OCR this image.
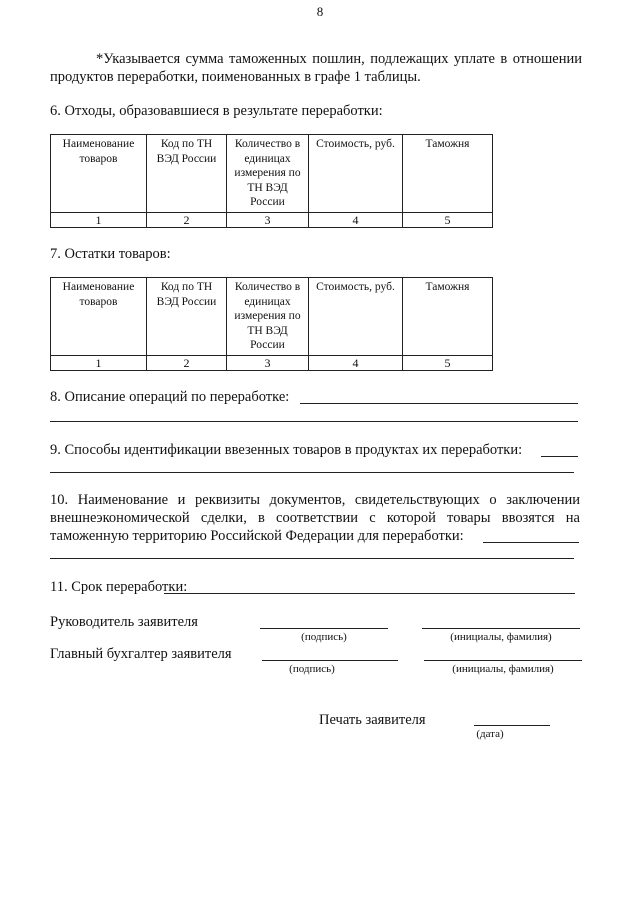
8
*Указывается сумма таможенных пошлин, подлежащих уплате в отношении продуктов переработки, поименованных в графе 1 таблицы.
6. Отходы, образовавшиеся в результате переработки:
Наименование товаров	Код по ТН ВЭД России	Количество в единицах измерения по ТН ВЭД России	Стоимость, руб.	Таможня
1	2	3	4	5
7. Остатки товаров:
Наименование товаров	Код по ТН ВЭД России	Количество в единицах измерения по ТН ВЭД России	Стоимость, руб.	Таможня
1	2	3	4	5
8. Описание операций по переработке:
9. Способы идентификации ввезенных товаров в продуктах их переработки:
10. Наименование и реквизиты документов, свидетельствующих о заключении внешнеэкономической сделки, в соответствии с которой товары ввозятся на таможенную территорию Российской Федерации для переработки:
11. Срок переработки:
Руководитель заявителя
(подпись)	(инициалы, фамилия)
Главный бухгалтер заявителя
(подпись)	(инициалы, фамилия)
Печать заявителя
(дата)
